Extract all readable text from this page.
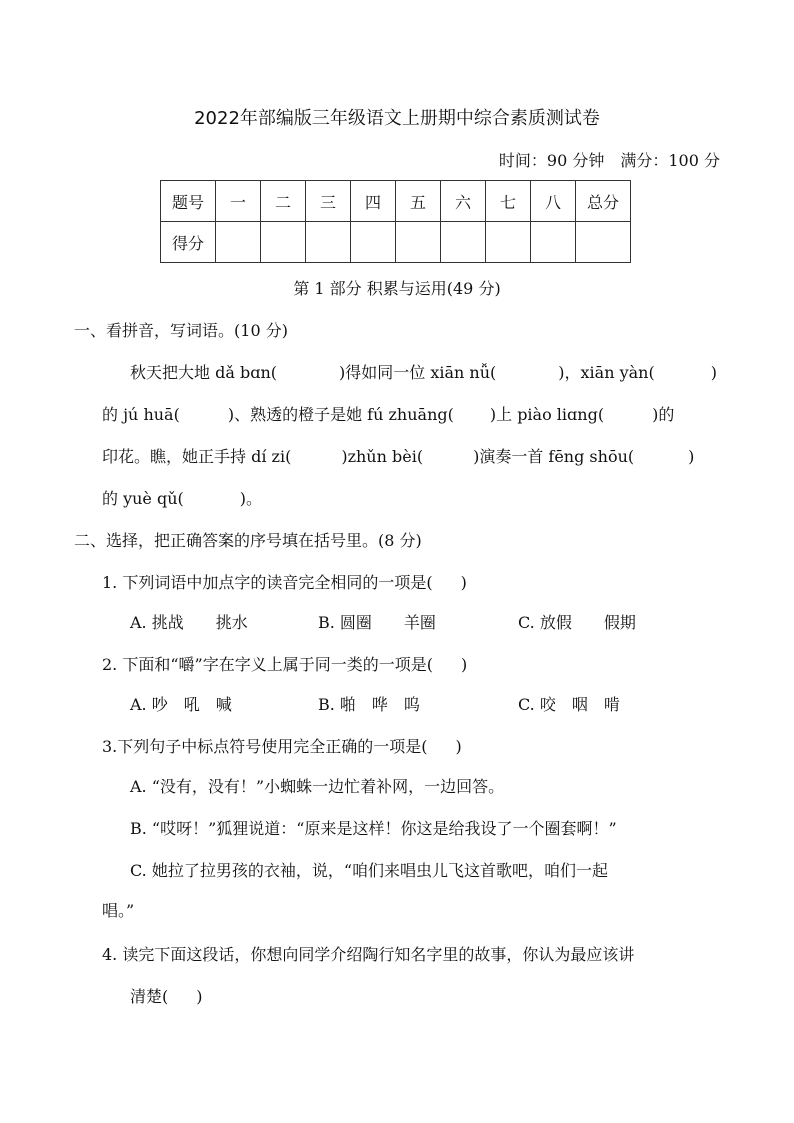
2022年部编版三年级语文上册期中综合素质测试卷
时间：90 分钟　满分：100 分
题号	一	二	三	四	五	六	七	八	总分
得分									
第 1 部分 积累与运用(49 分)
一、看拼音，写词语。(10 分)
秋天把大地 dǎ bɑn(	)得如同一位 xiān nǚ(	)，xiān yàn(	)
的 jú huā(	)、熟透的橙子是她 fú zhuāng( )上 piào liɑng(	)的
印花。瞧，她正手持 dí zi(	)zhǔn bèi(	)演奏一首 fēng shōu(	)
的 yuè qǔ(	)。
二、选择，把正确答案的序号填在括号里。(8 分)
1. 下列词语中加点字的读音完全相同的一项是( )
A. 挑战　　挑水	B. 圆圈　　羊圈	C. 放假　　假期
2. 下面和“嚼”字在字义上属于同一类的一项是( )
A. 吵　吼　喊	B. 啪　哗　呜	C. 咬　咽　啃
3.下列句子中标点符号使用完全正确的一项是( )
A. “没有，没有！”小蜘蛛一边忙着补网，一边回答。
B. “哎呀！”狐狸说道：“原来是这样！你这是给我设了一个圈套啊！”
C. 她拉了拉男孩的衣袖，说，“咱们来唱虫儿飞这首歌吧，咱们一起
唱。”
4. 读完下面这段话，你想向同学介绍陶行知名字里的故事，你认为最应该讲
清楚( )
